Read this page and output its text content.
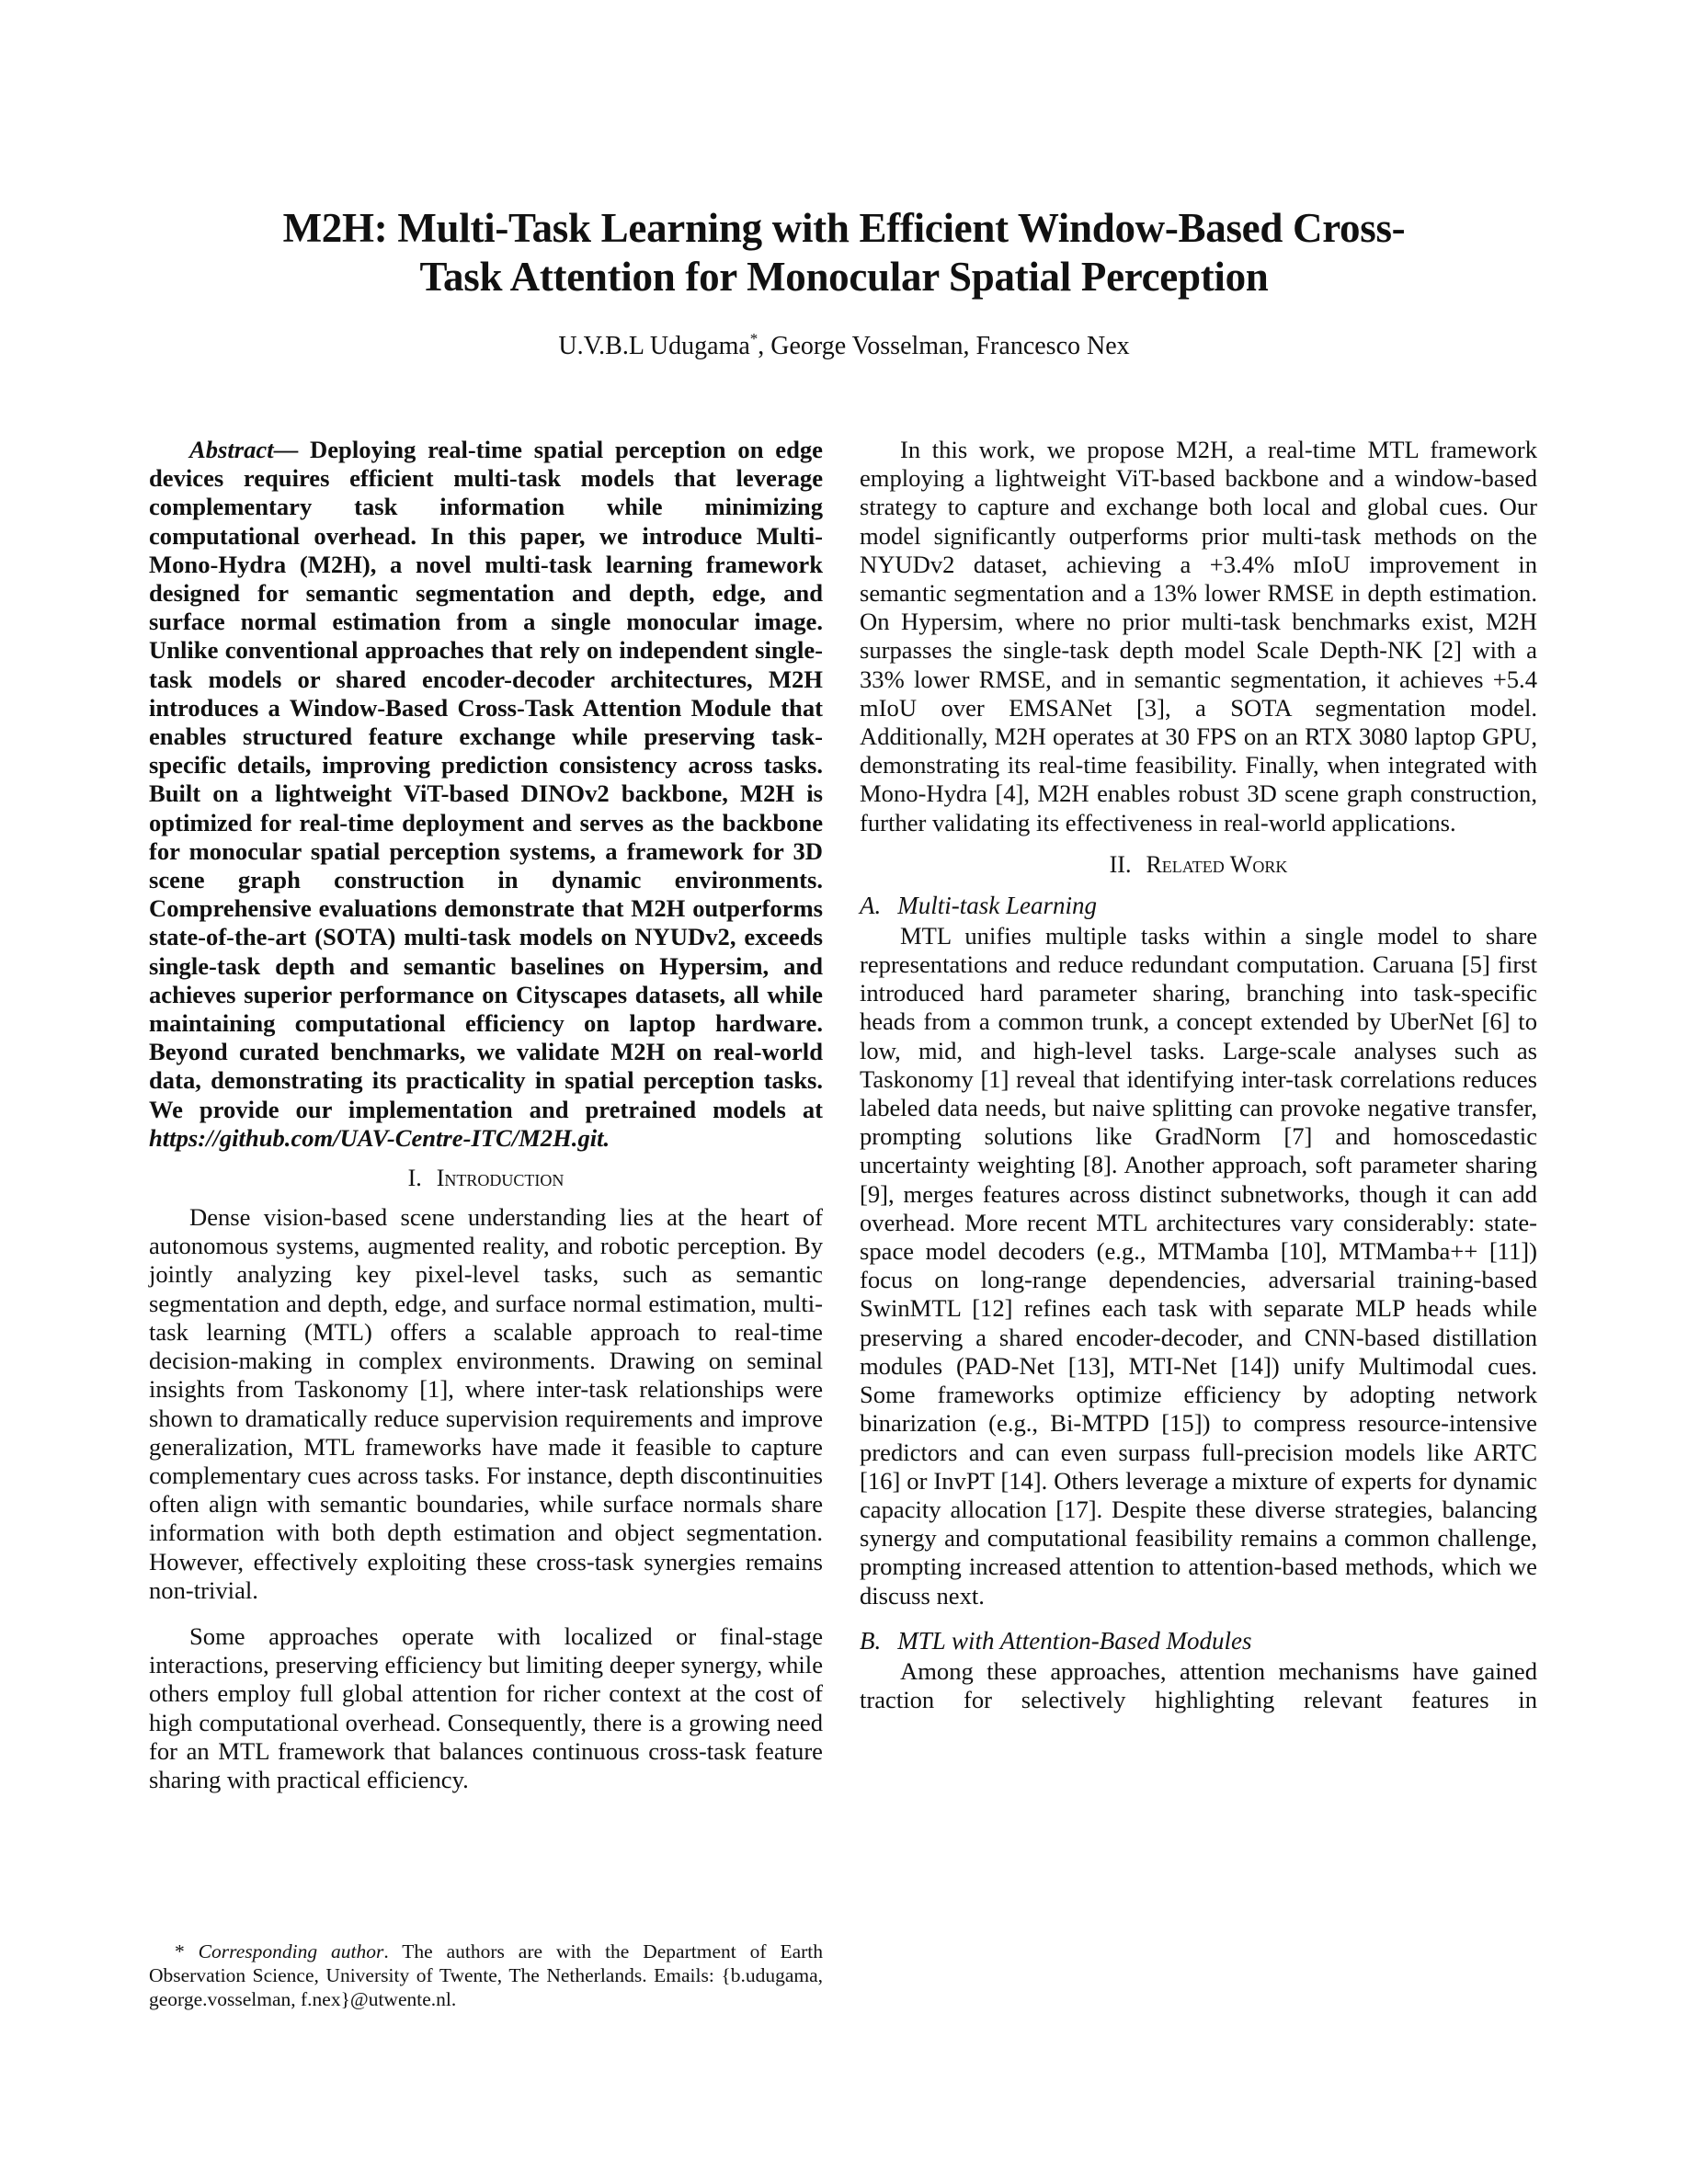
M2H: Multi-Task Learning with Efficient Window-Based Cross-
Task Attention for Monocular Spatial Perception
U.V.B.L Udugama*, George Vosselman, Francesco Nex

Abstract— Deploying real-time spatial perception on edge devices requires efficient multi-task models that leverage complementary task information while minimizing computational overhead. In this paper, we introduce Multi-Mono-Hydra (M2H), a novel multi-task learning framework designed for semantic segmentation and depth, edge, and surface normal estimation from a single monocular image. Unlike conventional approaches that rely on independent single-task models or shared encoder-decoder architectures, M2H introduces a Window-Based Cross-Task Attention Module that enables structured feature exchange while preserving task-specific details, improving prediction consistency across tasks. Built on a lightweight ViT-based DINOv2 backbone, M2H is optimized for real-time deployment and serves as the backbone for monocular spatial perception systems, a framework for 3D scene graph construction in dynamic environments. Comprehensive evaluations demonstrate that M2H outperforms state-of-the-art (SOTA) multi-task models on NYUDv2, exceeds single-task depth and semantic baselines on Hypersim, and achieves superior performance on Cityscapes datasets, all while maintaining computational efficiency on laptop hardware. Beyond curated benchmarks, we validate M2H on real-world data, demonstrating its practicality in spatial perception tasks. We provide our implementation and pretrained models at https://github.com/UAV-Centre-ITC/M2H.git.

I. Introduction

Dense vision-based scene understanding lies at the heart of autonomous systems, augmented reality, and robotic perception. By jointly analyzing key pixel-level tasks, such as semantic segmentation and depth, edge, and surface normal estimation, multi-task learning (MTL) offers a scalable approach to real-time decision-making in complex environments. Drawing on seminal insights from Taskonomy [1], where inter-task relationships were shown to dramatically reduce supervision requirements and improve generalization, MTL frameworks have made it feasible to capture complementary cues across tasks. For instance, depth discontinuities often align with semantic boundaries, while surface normals share information with both depth estimation and object segmentation. However, effectively exploiting these cross-task synergies remains non-trivial.

Some approaches operate with localized or final-stage interactions, preserving efficiency but limiting deeper synergy, while others employ full global attention for richer context at the cost of high computational overhead. Consequently, there is a growing need for an MTL framework that balances continuous cross-task feature sharing with practical efficiency.

In this work, we propose M2H, a real-time MTL framework employing a lightweight ViT-based backbone and a window-based strategy to capture and exchange both local and global cues. Our model significantly outperforms prior multi-task methods on the NYUDv2 dataset, achieving a +3.4% mIoU improvement in semantic segmentation and a 13% lower RMSE in depth estimation. On Hypersim, where no prior multi-task benchmarks exist, M2H surpasses the single-task depth model Scale Depth-NK [2] with a 33% lower RMSE, and in semantic segmentation, it achieves +5.4 mIoU over EMSANet [3], a SOTA segmentation model. Additionally, M2H operates at 30 FPS on an RTX 3080 laptop GPU, demonstrating its real-time feasibility. Finally, when integrated with Mono-Hydra [4], M2H enables robust 3D scene graph construction, further validating its effectiveness in real-world applications.

II. Related Work

A. Multi-task Learning

MTL unifies multiple tasks within a single model to share representations and reduce redundant computation. Caruana [5] first introduced hard parameter sharing, branching into task-specific heads from a common trunk, a concept extended by UberNet [6] to low, mid, and high-level tasks. Large-scale analyses such as Taskonomy [1] reveal that identifying inter-task correlations reduces labeled data needs, but naive splitting can provoke negative transfer, prompting solutions like GradNorm [7] and homoscedastic uncertainty weighting [8]. Another approach, soft parameter sharing [9], merges features across distinct subnetworks, though it can add overhead. More recent MTL architectures vary considerably: state-space model decoders (e.g., MTMamba [10], MTMamba++ [11]) focus on long-range dependencies, adversarial training-based SwinMTL [12] refines each task with separate MLP heads while preserving a shared encoder-decoder, and CNN-based distillation modules (PAD-Net [13], MTI-Net [14]) unify Multimodal cues. Some frameworks optimize efficiency by adopting network binarization (e.g., Bi-MTPD [15]) to compress resource-intensive predictors and can even surpass full-precision models like ARTC [16] or InvPT [14]. Others leverage a mixture of experts for dynamic capacity allocation [17]. Despite these diverse strategies, balancing synergy and computational feasibility remains a common challenge, prompting increased attention to attention-based methods, which we discuss next.

B. MTL with Attention-Based Modules

Among these approaches, attention mechanisms have gained traction for selectively highlighting relevant features in

* Corresponding author. The authors are with the Department of Earth Observation Science, University of Twente, The Netherlands. Emails: {b.udugama, george.vosselman, f.nex}@utwente.nl.
